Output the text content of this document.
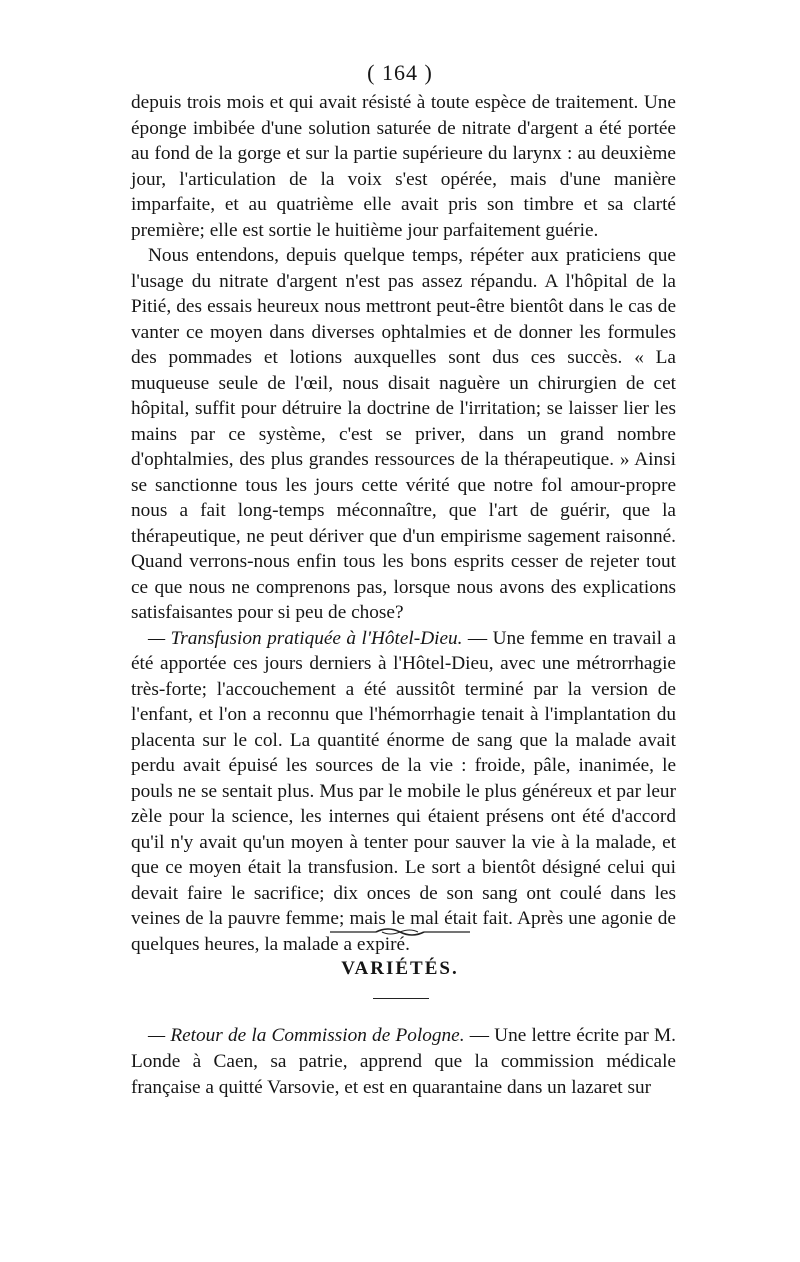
( 164 )

depuis trois mois et qui avait résisté à toute espèce de traitement. Une éponge imbibée d'une solution saturée de nitrate d'argent a été portée au fond de la gorge et sur la partie supérieure du larynx : au deuxième jour, l'articulation de la voix s'est opérée, mais d'une manière imparfaite, et au quatrième elle avait pris son timbre et sa clarté première; elle est sortie le huitième jour parfaitement guérie.

Nous entendons, depuis quelque temps, répéter aux praticiens que l'usage du nitrate d'argent n'est pas assez répandu. A l'hôpital de la Pitié, des essais heureux nous mettront peut-être bientôt dans le cas de vanter ce moyen dans diverses ophtalmies et de donner les formules des pommades et lotions auxquelles sont dus ces succès. « La muqueuse seule de l'œil, nous disait naguère un chirurgien de cet hôpital, suffit pour détruire la doctrine de l'irritation; se laisser lier les mains par ce système, c'est se priver, dans un grand nombre d'ophtalmies, des plus grandes ressources de la thérapeutique. » Ainsi se sanctionne tous les jours cette vérité que notre fol amour-propre nous a fait long-temps méconnaître, que l'art de guérir, que la thérapeutique, ne peut dériver que d'un empirisme sagement raisonné. Quand verrons-nous enfin tous les bons esprits cesser de rejeter tout ce que nous ne comprenons pas, lorsque nous avons des explications satisfaisantes pour si peu de chose?

— Transfusion pratiquée à l'Hôtel-Dieu. — Une femme en travail a été apportée ces jours derniers à l'Hôtel-Dieu, avec une métrorrhagie très-forte; l'accouchement a été aussitôt terminé par la version de l'enfant, et l'on a reconnu que l'hémorrhagie tenait à l'implantation du placenta sur le col. La quantité énorme de sang que la malade avait perdu avait épuisé les sources de la vie : froide, pâle, inanimée, le pouls ne se sentait plus. Mus par le mobile le plus généreux et par leur zèle pour la science, les internes qui étaient présens ont été d'accord qu'il n'y avait qu'un moyen à tenter pour sauver la vie à la malade, et que ce moyen était la transfusion. Le sort a bientôt désigné celui qui devait faire le sacrifice; dix onces de son sang ont coulé dans les veines de la pauvre femme; mais le mal était fait. Après une agonie de quelques heures, la malade a expiré.

VARIÉTÉS.

— Retour de la Commission de Pologne. — Une lettre écrite par M. Londe à Caen, sa patrie, apprend que la commission médicale française a quitté Varsovie, et est en quarantaine dans un lazaret sur
